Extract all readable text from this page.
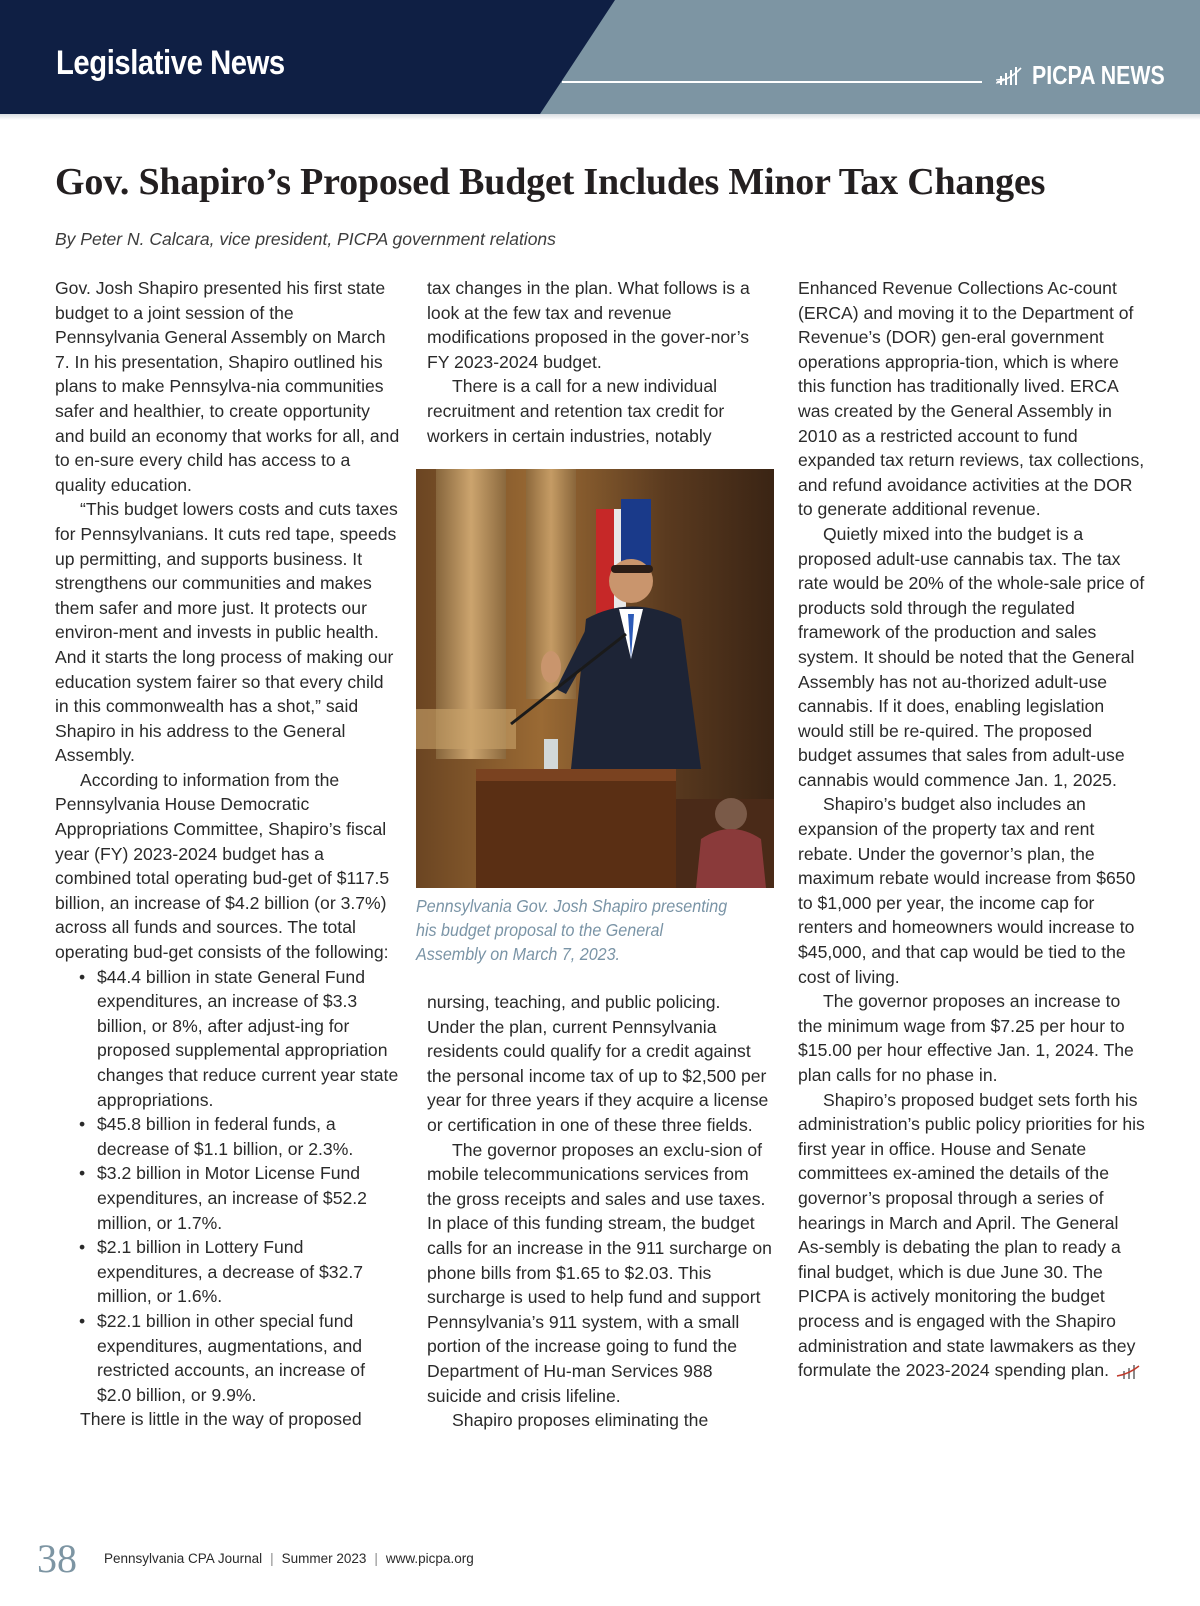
Legislative News	PICPA NEWS
Gov. Shapiro’s Proposed Budget Includes Minor Tax Changes
By Peter N. Calcara, vice president, PICPA government relations

Gov. Josh Shapiro presented his first state budget to a joint session of the Pennsylvania General Assembly on March 7. In his presentation, Shapiro outlined his plans to make Pennsylva-nia communities safer and healthier, to create opportunity and build an economy that works for all, and to en-sure every child has access to a quality education.

“This budget lowers costs and cuts taxes for Pennsylvanians. It cuts red tape, speeds up permitting, and supports business. It strengthens our communities and makes them safer and more just. It protects our environ-ment and invests in public health. And it starts the long process of making our education system fairer so that every child in this commonwealth has a shot,” said Shapiro in his address to the General Assembly.

According to information from the Pennsylvania House Democratic Appropriations Committee, Shapiro’s fiscal year (FY) 2023-2024 budget has a combined total operating bud-get of $117.5 billion, an increase of $4.2 billion (or 3.7%) across all funds and sources. The total operating bud-get consists of the following:

• $44.4 billion in state General Fund expenditures, an increase of $3.3 billion, or 8%, after adjust-ing for proposed supplemental appropriation changes that reduce current year state appropriations.
• $45.8 billion in federal funds, a decrease of $1.1 billion, or 2.3%.
• $3.2 billion in Motor License Fund expenditures, an increase of $52.2 million, or 1.7%.
• $2.1 billion in Lottery Fund expenditures, a decrease of $32.7 million, or 1.6%.
• $22.1 billion in other special fund expenditures, augmentations, and restricted accounts, an increase of $2.0 billion, or 9.9%.

There is little in the way of proposed

tax changes in the plan. What follows is a look at the few tax and revenue modifications proposed in the gover-nor’s FY 2023-2024 budget.

There is a call for a new individual recruitment and retention tax credit for workers in certain industries, notably

Pennsylvania Gov. Josh Shapiro presenting his budget proposal to the General Assembly on March 7, 2023.

nursing, teaching, and public policing. Under the plan, current Pennsylvania residents could qualify for a credit against the personal income tax of up to $2,500 per year for three years if they acquire a license or certification in one of these three fields.

The governor proposes an exclu-sion of mobile telecommunications services from the gross receipts and sales and use taxes. In place of this funding stream, the budget calls for an increase in the 911 surcharge on phone bills from $1.65 to $2.03. This surcharge is used to help fund and support Pennsylvania’s 911 system, with a small portion of the increase going to fund the Department of Hu-man Services 988 suicide and crisis lifeline.

Shapiro proposes eliminating the

Enhanced Revenue Collections Ac-count (ERCA) and moving it to the Department of Revenue’s (DOR) gen-eral government operations appropria-tion, which is where this function has traditionally lived. ERCA was created by the General Assembly in 2010 as a restricted account to fund expanded tax return reviews, tax collections, and refund avoidance activities at the DOR to generate additional revenue.

Quietly mixed into the budget is a proposed adult-use cannabis tax. The tax rate would be 20% of the whole-sale price of products sold through the regulated framework of the production and sales system. It should be noted that the General Assembly has not au-thorized adult-use cannabis. If it does, enabling legislation would still be re-quired. The proposed budget assumes that sales from adult-use cannabis would commence Jan. 1, 2025.

Shapiro’s budget also includes an expansion of the property tax and rent rebate. Under the governor’s plan, the maximum rebate would increase from $650 to $1,000 per year, the income cap for renters and homeowners would increase to $45,000, and that cap would be tied to the cost of living.

The governor proposes an increase to the minimum wage from $7.25 per hour to $15.00 per hour effective Jan. 1, 2024. The plan calls for no phase in.

Shapiro’s proposed budget sets forth his administration’s public policy priorities for his first year in office. House and Senate committees ex-amined the details of the governor’s proposal through a series of hearings in March and April. The General As-sembly is debating the plan to ready a final budget, which is due June 30. The PICPA is actively monitoring the budget process and is engaged with the Shapiro administration and state lawmakers as they formulate the 2023-2024 spending plan.

38 Pennsylvania CPA Journal | Summer 2023 | www.picpa.org
